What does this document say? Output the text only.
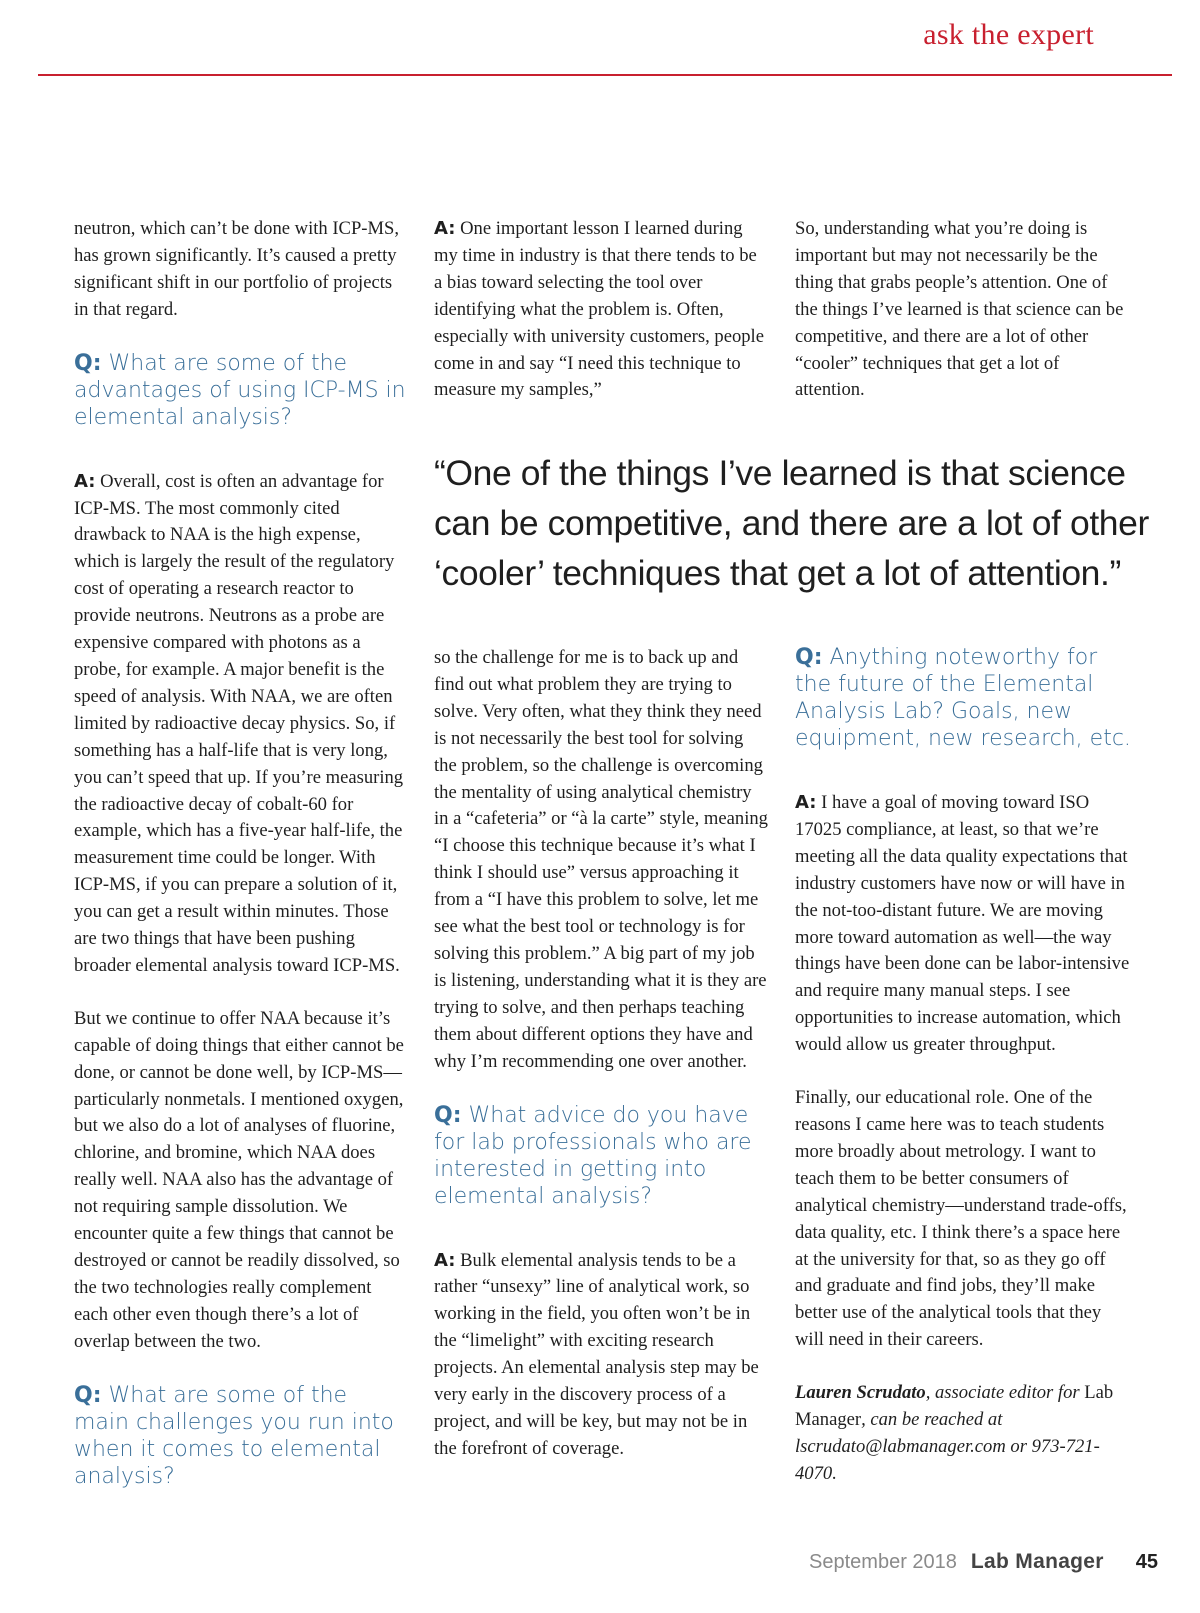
ask the expert

neutron, which can’t be done with ICP-MS, has grown significantly. It’s caused a pretty significant shift in our portfolio of projects in that regard.

Q: What are some of the advantages of using ICP-MS in elemental analysis?

A: Overall, cost is often an advantage for ICP-MS. The most commonly cited drawback to NAA is the high expense, which is largely the result of the regulatory cost of operating a research reactor to provide neutrons. Neutrons as a probe are expensive compared with photons as a probe, for example. A major benefit is the speed of analysis. With NAA, we are often limited by radioactive decay physics. So, if something has a half-life that is very long, you can’t speed that up. If you’re measuring the radioactive decay of cobalt-60 for example, which has a five-year half-life, the measurement time could be longer. With ICP-MS, if you can prepare a solution of it, you can get a result within minutes. Those are two things that have been pushing broader elemental analysis toward ICP-MS.

But we continue to offer NAA because it’s capable of doing things that either cannot be done, or cannot be done well, by ICP-MS—particularly nonmetals. I mentioned oxygen, but we also do a lot of analyses of fluorine, chlorine, and bromine, which NAA does really well. NAA also has the advantage of not requiring sample dissolution. We encounter quite a few things that cannot be destroyed or cannot be readily dissolved, so the two technologies really complement each other even though there’s a lot of overlap between the two.

Q: What are some of the main challenges you run into when it comes to elemental analysis?

A: One important lesson I learned during my time in industry is that there tends to be a bias toward selecting the tool over identifying what the problem is. Often, especially with university customers, people come in and say “I need this technique to measure my samples,”

So, understanding what you’re doing is important but may not necessarily be the thing that grabs people’s attention. One of the things I’ve learned is that science can be competitive, and there are a lot of other “cooler” techniques that get a lot of attention.

“One of the things I’ve learned is that science can be competitive, and there are a lot of other ‘cooler’ techniques that get a lot of attention.”

so the challenge for me is to back up and find out what problem they are trying to solve. Very often, what they think they need is not necessarily the best tool for solving the problem, so the challenge is overcoming the mentality of using analytical chemistry in a “cafeteria” or “à la carte” style, meaning “I choose this technique because it’s what I think I should use” versus approaching it from a “I have this problem to solve, let me see what the best tool or technology is for solving this problem.” A big part of my job is listening, understanding what it is they are trying to solve, and then perhaps teaching them about different options they have and why I’m recommending one over another.

Q: What advice do you have for lab professionals who are interested in getting into elemental analysis?

A: Bulk elemental analysis tends to be a rather “unsexy” line of analytical work, so working in the field, you often won’t be in the “limelight” with exciting research projects. An elemental analysis step may be very early in the discovery process of a project, and will be key, but may not be in the forefront of coverage.

Q: Anything noteworthy for the future of the Elemental Analysis Lab? Goals, new equipment, new research, etc.

A: I have a goal of moving toward ISO 17025 compliance, at least, so that we’re meeting all the data quality expectations that industry customers have now or will have in the not-too-distant future. We are moving more toward automation as well—the way things have been done can be labor-intensive and require many manual steps. I see opportunities to increase automation, which would allow us greater throughput.

Finally, our educational role. One of the reasons I came here was to teach students more broadly about metrology. I want to teach them to be better consumers of analytical chemistry—understand trade-offs, data quality, etc. I think there’s a space here at the university for that, so as they go off and graduate and find jobs, they’ll make better use of the analytical tools that they will need in their careers.

Lauren Scrudato, associate editor for Lab Manager, can be reached at lscrudato@labmanager.com or 973-721-4070.

September 2018 Lab Manager 45
